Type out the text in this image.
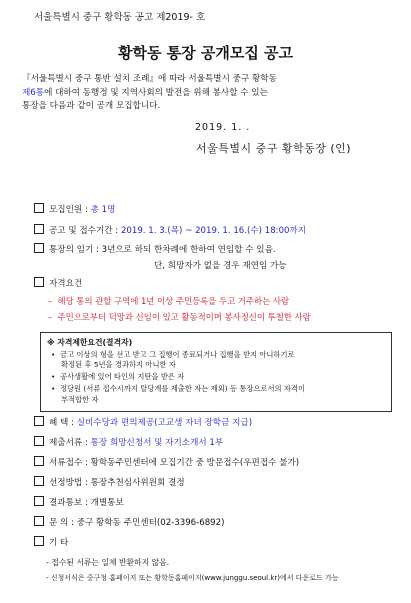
서울특별시 중구 황학동 공고 제2019- 호
황학동 통장 공개모집 공고
『서울특별시 중구 통반 설치 조례』에 따라 서울특별시 중구 황학동
제6통에 대하여 동행정 및 지역사회의 발전을 위해 봉사할 수 있는
통장을 다음과 같이 공개 모집합니다.
2019. 1. .
서울특별시 중구 황학동장 (인)
모집인원 : 총 1명
공고 및 접수기간 : 2019. 1. 3.(목) ~ 2019. 1. 16.(수) 18:00까지
통장의 임기 : 3년으로 하되 한차례에 한하여 연임할 수 있음.
단, 희망자가 없을 경우 재연임 가능
자격요건
–  해당 통의 관할 구역에 1년 이상 주민등록을 두고 거주하는 사람
–  주민으로부터 덕망과 신임이 있고 활동적이며 봉사정신이 투철한 사람
※ 자격제한요건(결격자)
•  금고 이상의 형을 선고 받고 그 집행이 종료되거나 집행을 받지 아니하기로
확정된 후 5년을 경과하지 아니한 자
•  공사생활에 있어 타인의 지탄을 받은 자
•  정당원 (서류 접수시까지 탈당계를 제출한 자는 제외) 등 통장으로서의 자격이
부적합한 자
혜 택 : 실비수당과 편의제공(고교생 자녀 장학금 지급)
제출서류 : 통장 희망신청서 및 자기소개서 1부
서류접수 : 황학동주민센터에 모집기간 중 방문접수(우편접수 불가)
선정방법 : 통장추천심사위원회 결정
결과통보 : 개별통보
문 의 : 중구 황학동 주민센터(02-3396-6892)
기 타
- 접수된 서류는 일체 반환하지 않음.
- 신청서식은 중구청 홈페이지 또는 황학동홈페이지(www.junggu.seoul.kr)에서 다운로드 가능
